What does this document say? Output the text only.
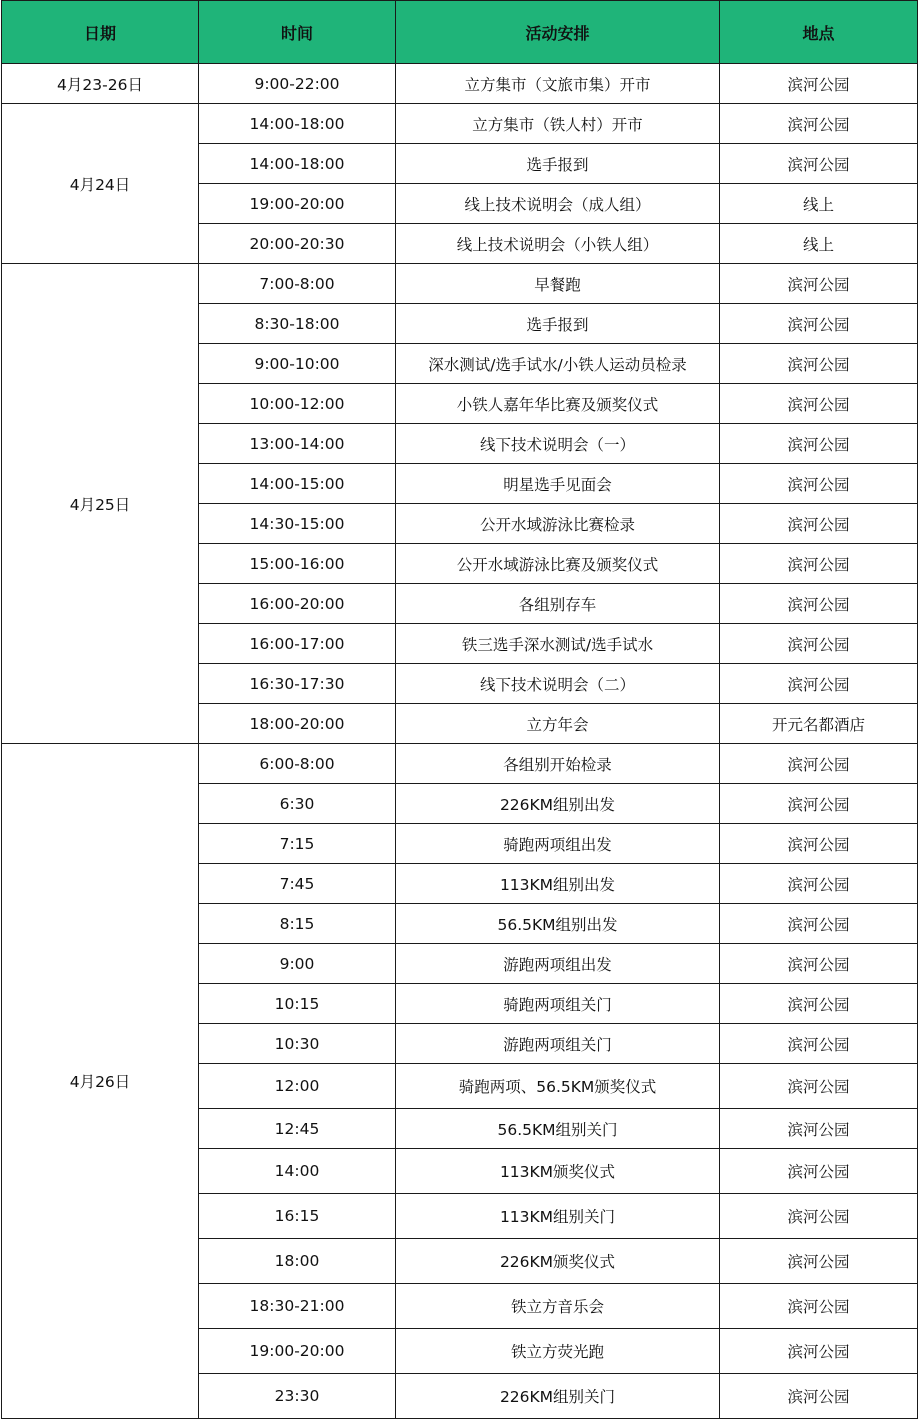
日期	时间	活动安排	地点
4月23-26日	9:00-22:00	立方集市（文旅市集）开市	滨河公园
4月24日	14:00-18:00	立方集市（铁人村）开市	滨河公园
	14:00-18:00	选手报到	滨河公园
	19:00-20:00	线上技术说明会（成人组）	线上
	20:00-20:30	线上技术说明会（小铁人组）	线上
4月25日	7:00-8:00	早餐跑	滨河公园
	8:30-18:00	选手报到	滨河公园
	9:00-10:00	深水测试/选手试水/小铁人运动员检录	滨河公园
	10:00-12:00	小铁人嘉年华比赛及颁奖仪式	滨河公园
	13:00-14:00	线下技术说明会（一）	滨河公园
	14:00-15:00	明星选手见面会	滨河公园
	14:30-15:00	公开水域游泳比赛检录	滨河公园
	15:00-16:00	公开水域游泳比赛及颁奖仪式	滨河公园
	16:00-20:00	各组别存车	滨河公园
	16:00-17:00	铁三选手深水测试/选手试水	滨河公园
	16:30-17:30	线下技术说明会（二）	滨河公园
	18:00-20:00	立方年会	开元名都酒店
4月26日	6:00-8:00	各组别开始检录	滨河公园
	6:30	226KM组别出发	滨河公园
	7:15	骑跑两项组出发	滨河公园
	7:45	113KM组别出发	滨河公园
	8:15	56.5KM组别出发	滨河公园
	9:00	游跑两项组出发	滨河公园
	10:15	骑跑两项组关门	滨河公园
	10:30	游跑两项组关门	滨河公园
	12:00	骑跑两项、56.5KM颁奖仪式	滨河公园
	12:45	56.5KM组别关门	滨河公园
	14:00	113KM颁奖仪式	滨河公园
	16:15	113KM组别关门	滨河公园
	18:00	226KM颁奖仪式	滨河公园
	18:30-21:00	铁立方音乐会	滨河公园
	19:00-20:00	铁立方荧光跑	滨河公园
	23:30	226KM组别关门	滨河公园
